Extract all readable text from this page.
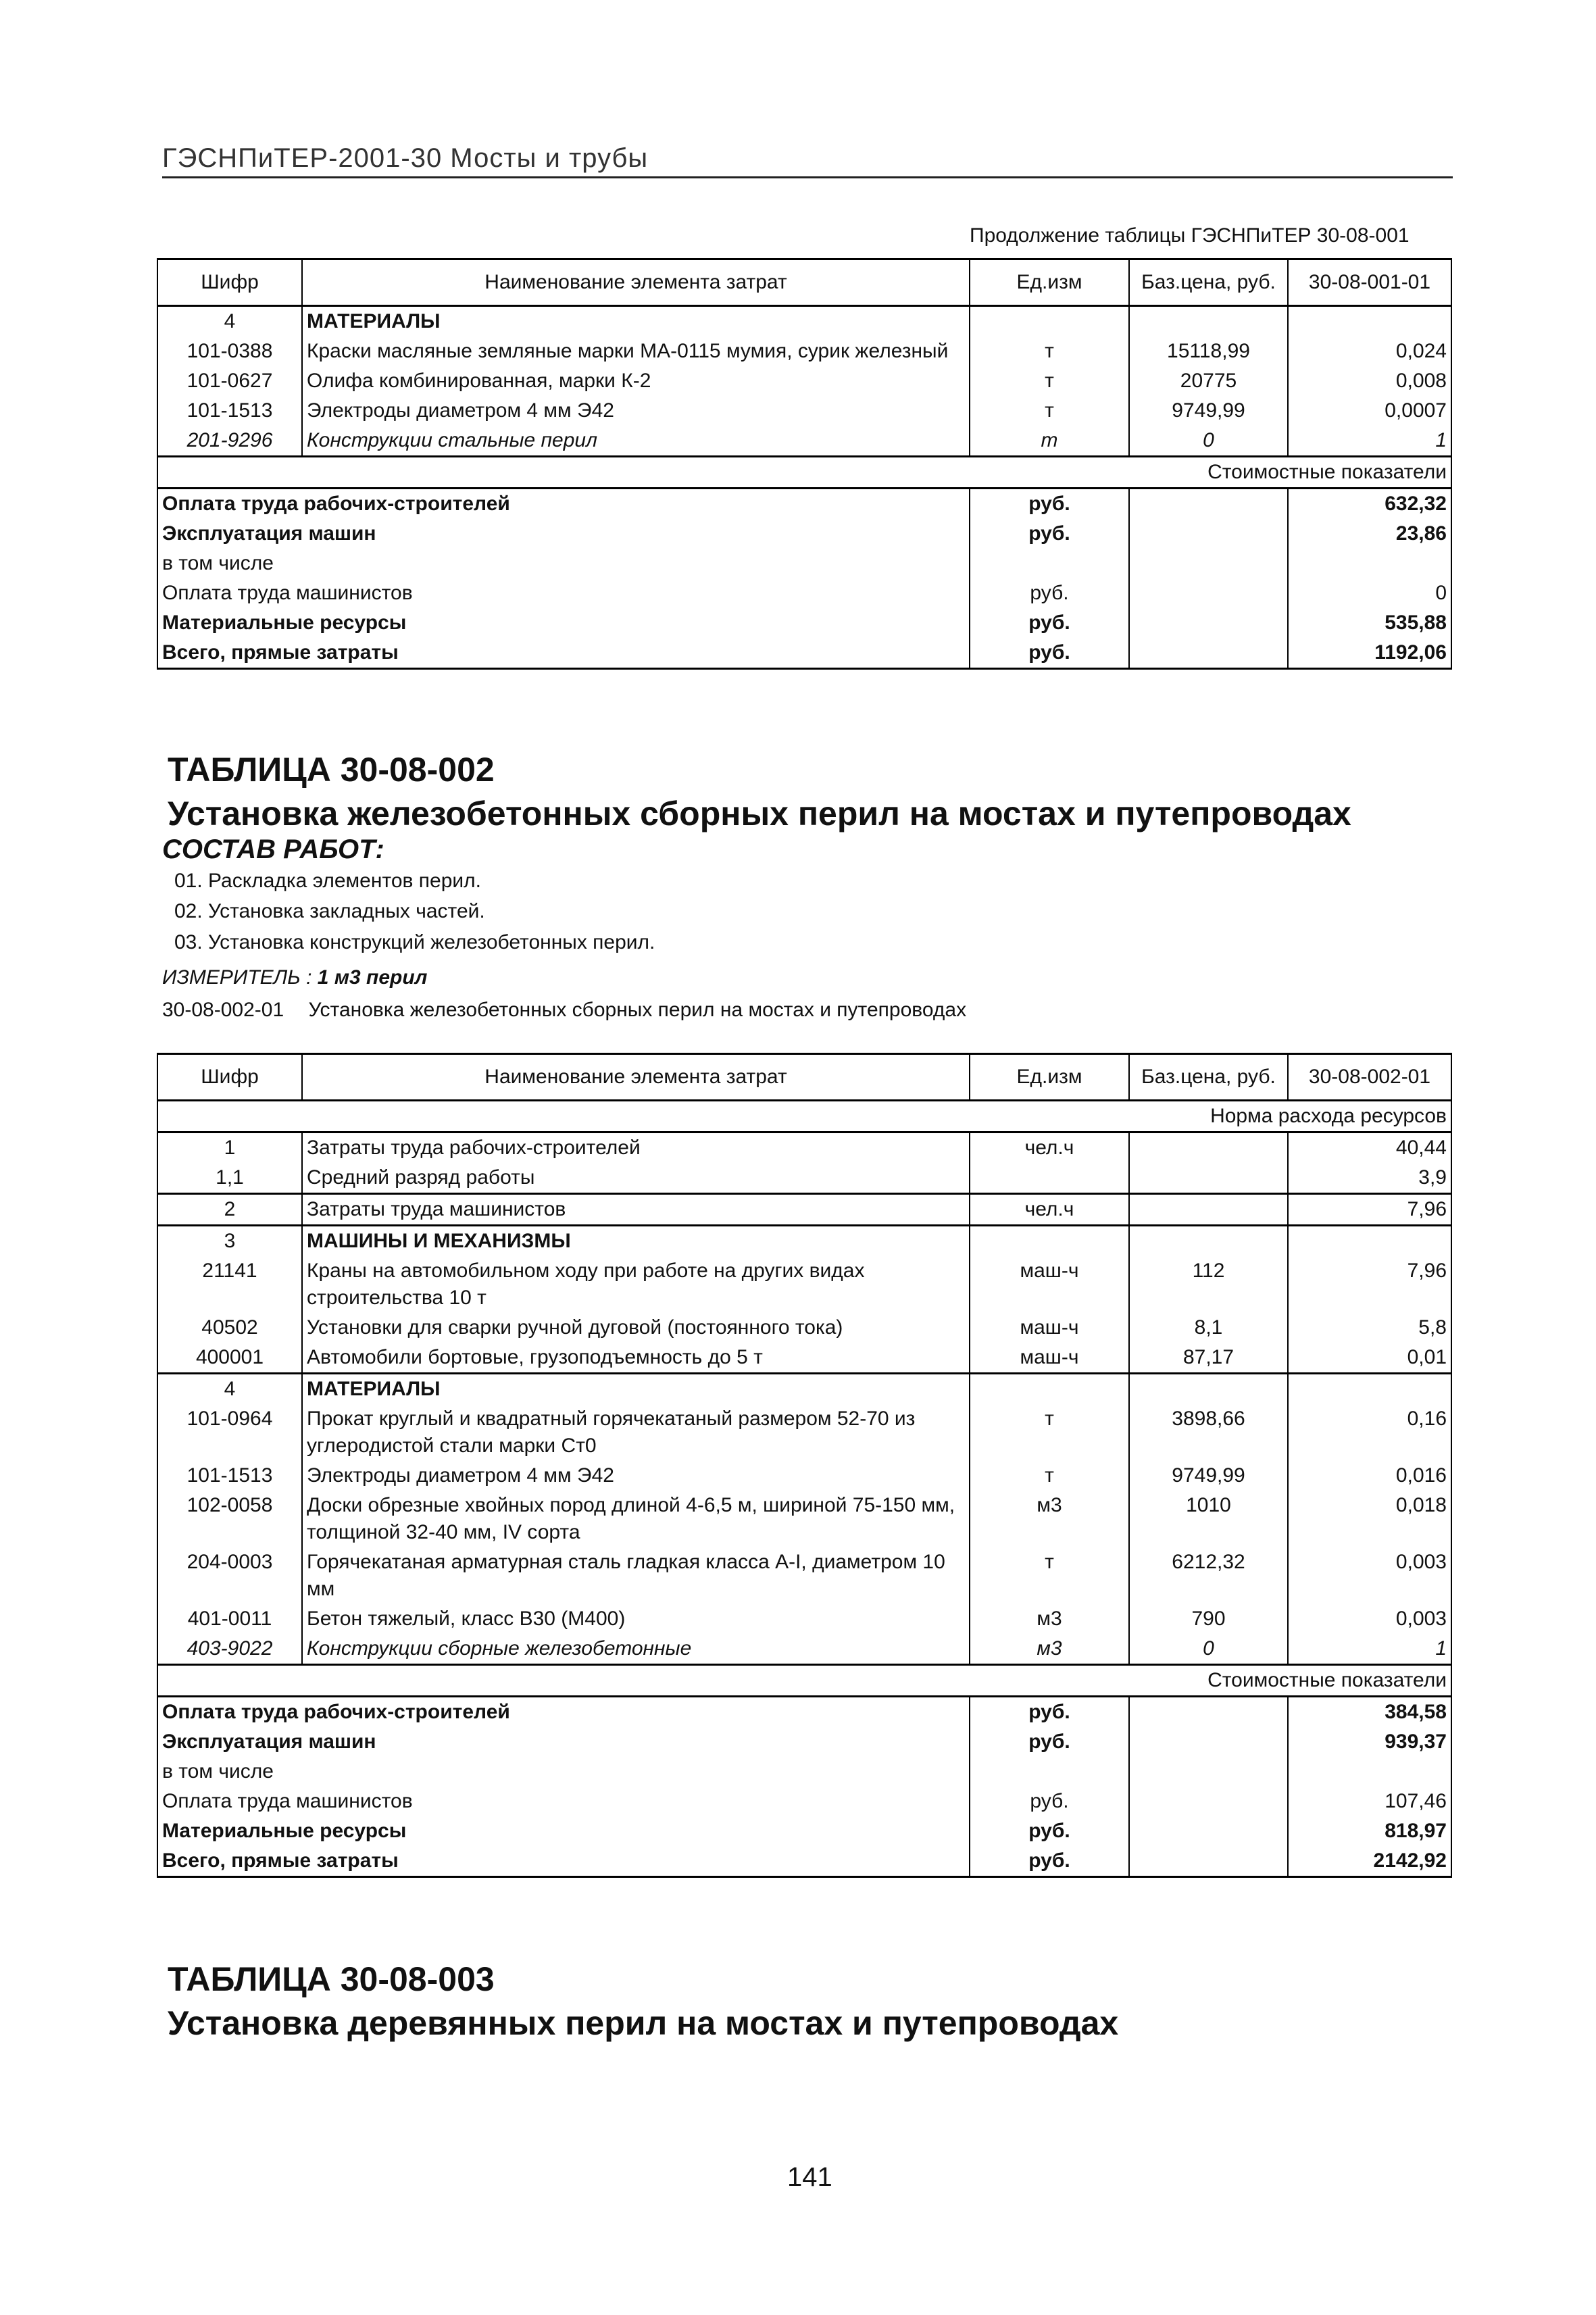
ГЭСНПиТЕР-2001-30 Мосты и трубы
Продолжение таблицы ГЭСНПиТЕР 30-08-001
Шифр	Наименование элемента затрат	Ед.изм	Баз.цена, руб.	30-08-001-01
4	МАТЕРИАЛЫ			
101-0388	Краски масляные земляные марки МА-0115 мумия, сурик железный	т	15118,99	0,024
101-0627	Олифа комбинированная, марки К-2	т	20775	0,008
101-1513	Электроды диаметром 4 мм Э42	т	9749,99	0,0007
201-9296	Конструкции стальные перил	т	0	1
Стоимостные показатели				
Оплата труда рабочих-строителей		руб.		632,32
Эксплуатация машин		руб.		23,86
в том числе				
Оплата труда машинистов		руб.		0
Материальные ресурсы		руб.		535,88
Всего, прямые затраты		руб.		1192,06
ТАБЛИЦА 30-08-002
Установка железобетонных сборных перил на мостах и путепроводах
СОСТАВ РАБОТ:
01. Раскладка элементов перил.
02. Установка закладных частей.
03. Установка конструкций железобетонных перил.
ИЗМЕРИТЕЛЬ : 1 м3 перил
30-08-002-01 Установка железобетонных сборных перил на мостах и путепроводах
Шифр	Наименование элемента затрат	Ед.изм	Баз.цена, руб.	30-08-002-01
Норма расхода ресурсов				
1	Затраты труда рабочих-строителей	чел.ч		40,44
1,1	Средний разряд работы			3,9
2	Затраты труда машинистов	чел.ч		7,96
3	МАШИНЫ И МЕХАНИЗМЫ			
21141	Краны на автомобильном ходу при работе на других видах строительства 10 т	маш-ч	112	7,96
40502	Установки для сварки ручной дуговой (постоянного тока)	маш-ч	8,1	5,8
400001	Автомобили бортовые, грузоподъемность до 5 т	маш-ч	87,17	0,01
4	МАТЕРИАЛЫ			
101-0964	Прокат круглый и квадратный горячекатаный размером 52-70 из углеродистой стали марки Ст0	т	3898,66	0,16
101-1513	Электроды диаметром 4 мм Э42	т	9749,99	0,016
102-0058	Доски обрезные хвойных пород длиной 4-6,5 м, шириной 75-150 мм, толщиной 32-40 мм, IV сорта	м3	1010	0,018
204-0003	Горячекатаная арматурная сталь гладкая класса А-I, диаметром 10 мм	т	6212,32	0,003
401-0011	Бетон тяжелый, класс В30 (М400)	м3	790	0,003
403-9022	Конструкции сборные железобетонные	м3	0	1
Стоимостные показатели				
Оплата труда рабочих-строителей		руб.		384,58
Эксплуатация машин		руб.		939,37
в том числе				
Оплата труда машинистов		руб.		107,46
Материальные ресурсы		руб.		818,97
Всего, прямые затраты		руб.		2142,92
ТАБЛИЦА 30-08-003
Установка деревянных перил на мостах и путепроводах
141
